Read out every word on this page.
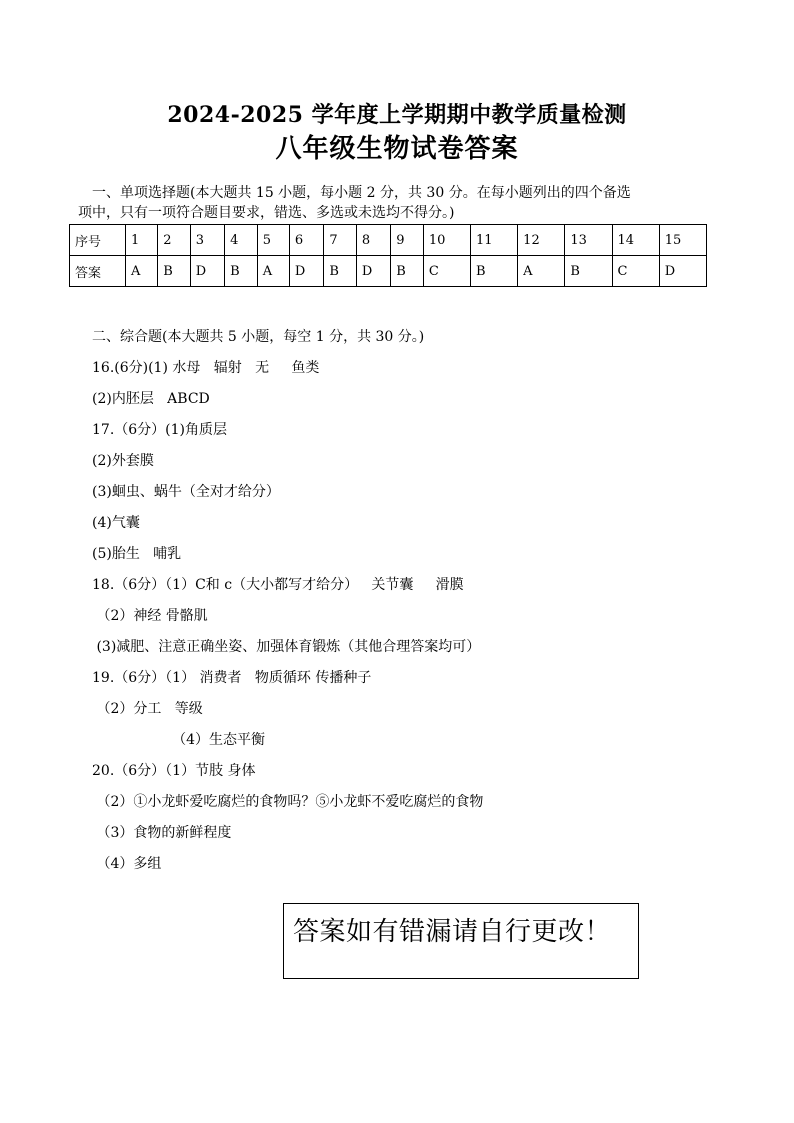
2024-2025 学年度上学期期中教学质量检测
八年级生物试卷答案
一、单项选择题(本大题共 15 小题，每小题 2 分，共 30 分。在每小题列出的四个备选
项中，只有一项符合题目要求，错选、多选或未选均不得分。)
序号	1	2	3	4	5	6	7	8	9	10	11	12	13	14	15
答案	A	B	D	B	A	D	B	D	B	C	B	A	B	C	D
二、综合题(本大题共 5 小题，每空 1 分，共 30 分。)
16.(6分)(1) 水母   辐射   无     鱼类
(2)内胚层   ABCD
17.（6分）(1)角质层
(2)外套膜
(3)蛔虫、蜗牛（全对才给分）
(4)气囊
(5)胎生   哺乳
18.（6分）（1）C和 c（大小都写才给分）   关节囊     滑膜
（2）神经 骨骼肌
(3)减肥、注意正确坐姿、加强体育锻炼（其他合理答案均可）
19.（6分）（1） 消费者   物质循环 传播种子
（2）分工   等级
（4）生态平衡
20.（6分）（1）节肢 身体
（2）①小龙虾爱吃腐烂的食物吗？⑤小龙虾不爱吃腐烂的食物
（3）食物的新鲜程度
（4）多组
答案如有错漏请自行更改！
